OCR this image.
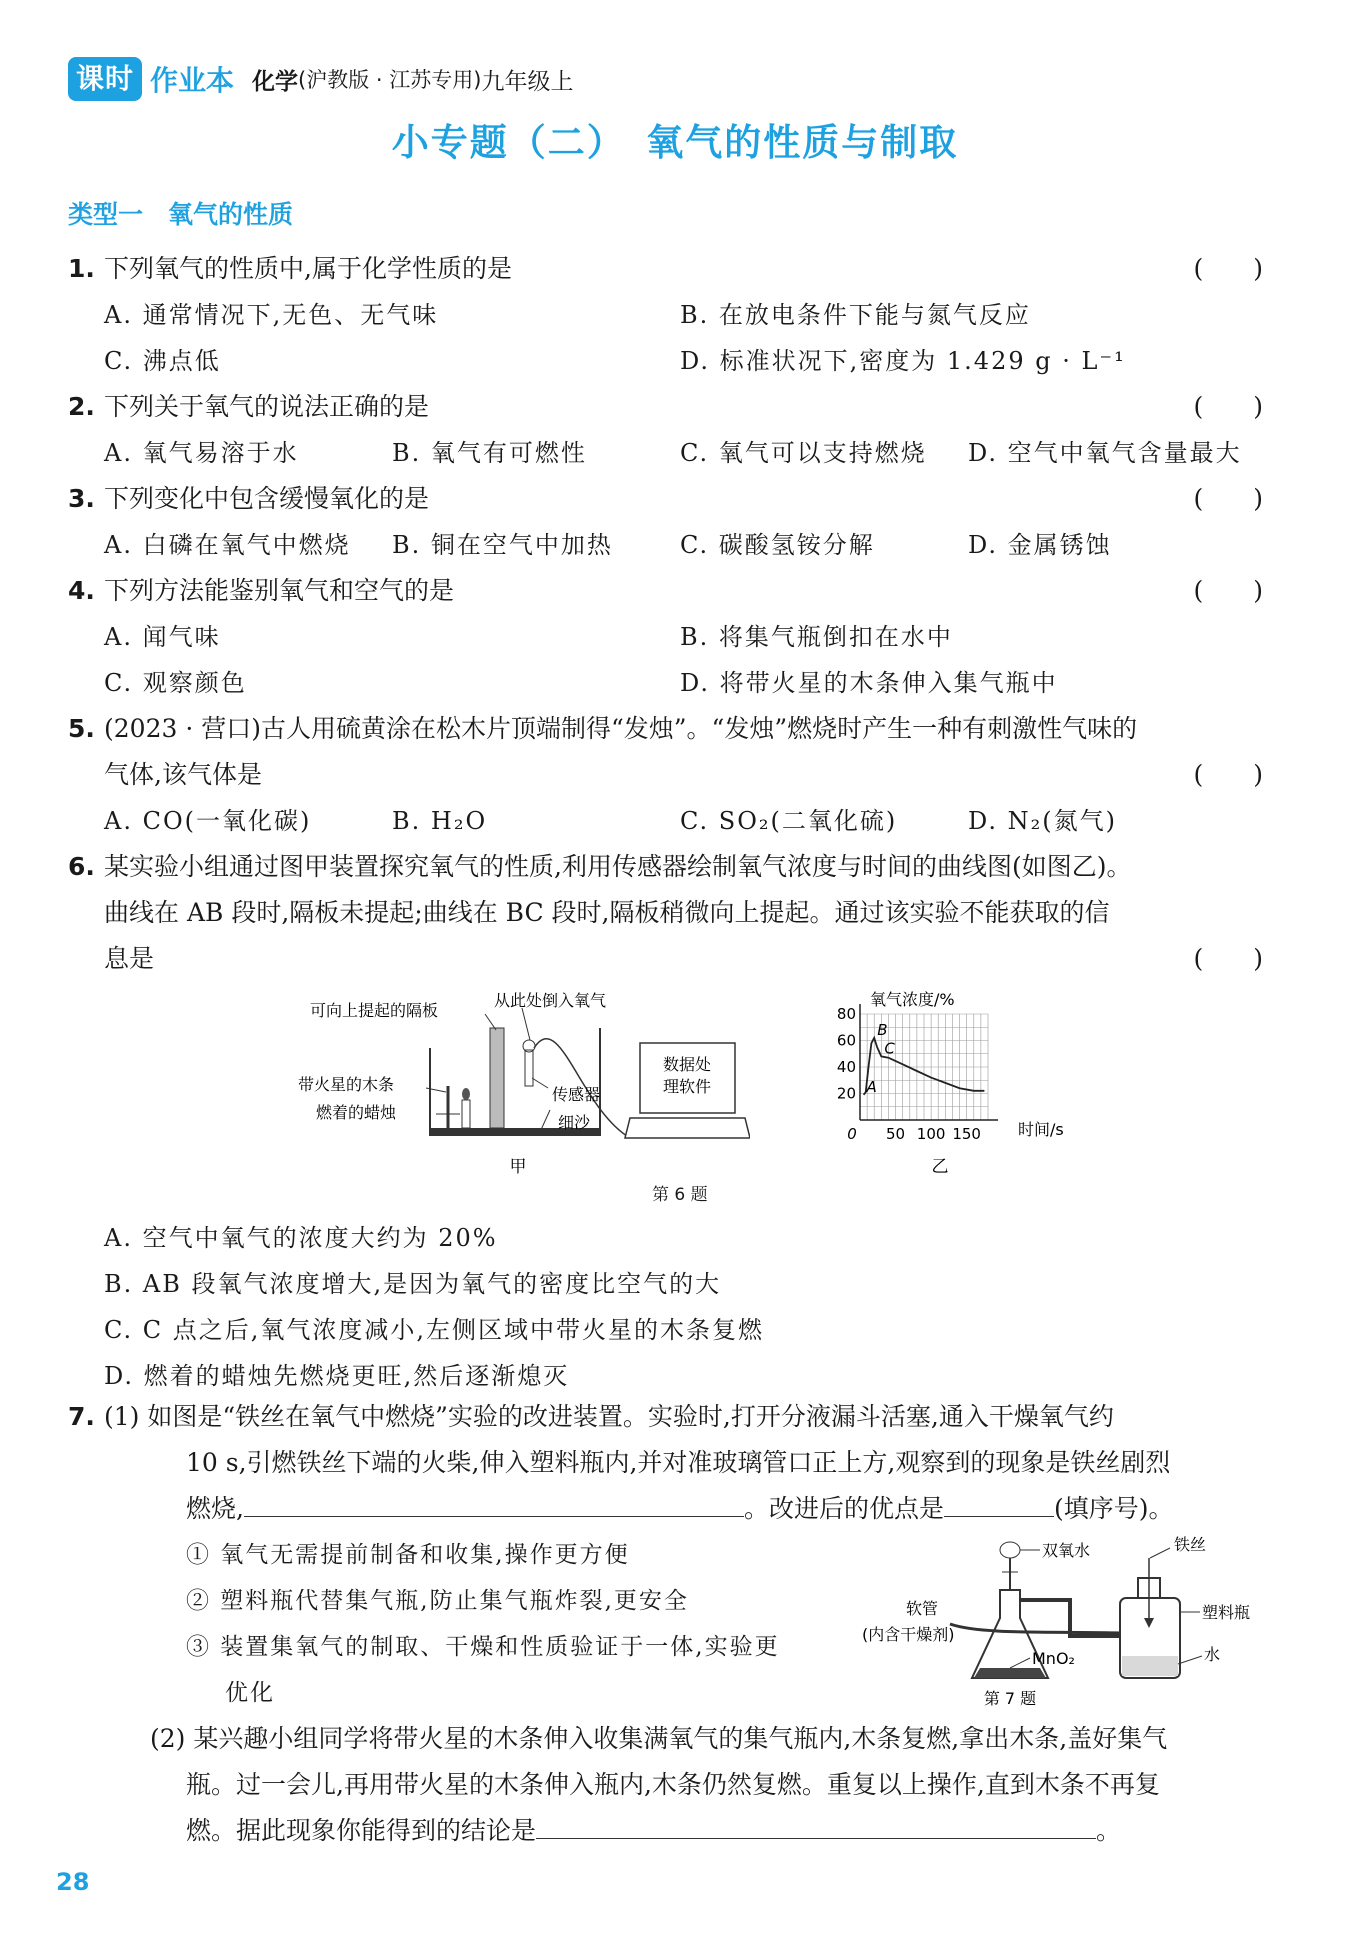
课时 作业本 化学 (沪教版 · 江苏专用) 九年级上
小专题（二）　氧气的性质与制取
类型一　氧气的性质
1. 下列氧气的性质中,属于化学性质的是	(　　)
A. 通常情况下,无色、无气味	B. 在放电条件下能与氮气反应
C. 沸点低	D. 标准状况下,密度为 1.429 g · L⁻¹
2. 下列关于氧气的说法正确的是	(　　)
A. 氧气易溶于水	B. 氧气有可燃性	C. 氧气可以支持燃烧 D. 空气中氧气含量最大
3. 下列变化中包含缓慢氧化的是	(　　)
A. 白磷在氧气中燃烧 B. 铜在空气中加热	C. 碳酸氢铵分解	D. 金属锈蚀
4. 下列方法能鉴别氧气和空气的是	(　　)
A. 闻气味	B. 将集气瓶倒扣在水中
C. 观察颜色	D. 将带火星的木条伸入集气瓶中
5. (2023 · 营口)古人用硫黄涂在松木片顶端制得“发烛”。“发烛”燃烧时产生一种有刺激性气味的
气体,该气体是	(　　)
A. CO(一氧化碳)	B. H₂O	C. SO₂(二氧化硫)	D. N₂(氮气)
6. 某实验小组通过图甲装置探究氧气的性质,利用传感器绘制氧气浓度与时间的曲线图(如图乙)。
曲线在 AB 段时,隔板未提起;曲线在 BC 段时,隔板稍微向上提起。通过该实验不能获取的信
息是	(　　)
数据处
理软件
可向上提起的隔板
从此处倒入氧气
带火星的木条
燃着的蜡烛
传感器
细沙
甲
20
40
60
80
0 50 100 150
A
B
C
氧气浓度/%
时间/s
乙
第 6 题
A. 空气中氧气的浓度大约为 20%
B. AB 段氧气浓度增大,是因为氧气的密度比空气的大
C. C 点之后,氧气浓度减小,左侧区域中带火星的木条复燃
D. 燃着的蜡烛先燃烧更旺,然后逐渐熄灭
7. (1) 如图是“铁丝在氧气中燃烧”实验的改进装置。实验时,打开分液漏斗活塞,通入干燥氧气约
10 s,引燃铁丝下端的火柴,伸入塑料瓶内,并对准玻璃管口正上方,观察到的现象是铁丝剧烈
燃烧,	。改进后的优点是	(填序号)。
① 氧气无需提前制备和收集,操作更方便
② 塑料瓶代替集气瓶,防止集气瓶炸裂,更安全
③ 装置集氧气的制取、干燥和性质验证于一体,实验更
优化
(2) 某兴趣小组同学将带火星的木条伸入收集满氧气的集气瓶内,木条复燃,拿出木条,盖好集气
瓶。过一会儿,再用带火星的木条伸入瓶内,木条仍然复燃。重复以上操作,直到木条不再复
燃。据此现象你能得到的结论是	。
双氧水	铁丝
软管
(内含干燥剂)
塑料瓶
MnO₂	水
第 7 题
28
